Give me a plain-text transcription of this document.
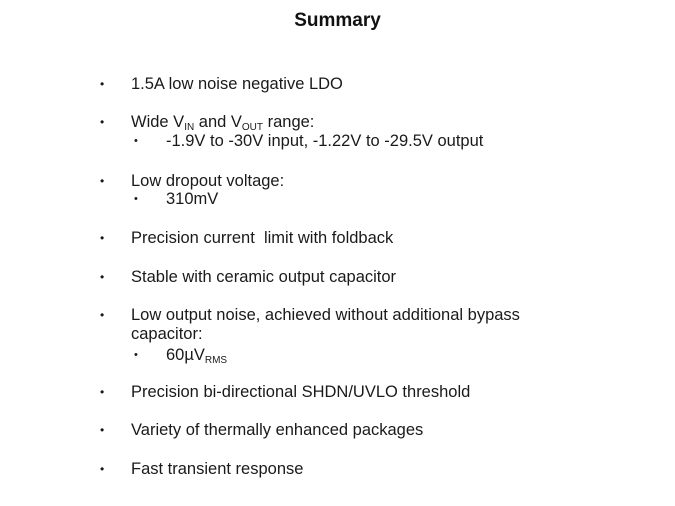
Summary
• 1.5A low noise negative LDO
• Wide $V_{IN}$ and $V_{OUT}$ range:
• -1.9V to -30V input, -1.22V to -29.5V output
• Low dropout voltage:
• 310mV
• Precision current  limit with foldback
• Stable with ceramic output capacitor
• Low output noise, achieved without additional bypass
capacitor:
• 60µV$_{RMS}$
• Precision bi-directional SHDN/UVLO threshold
• Variety of thermally enhanced packages
• Fast transient response
